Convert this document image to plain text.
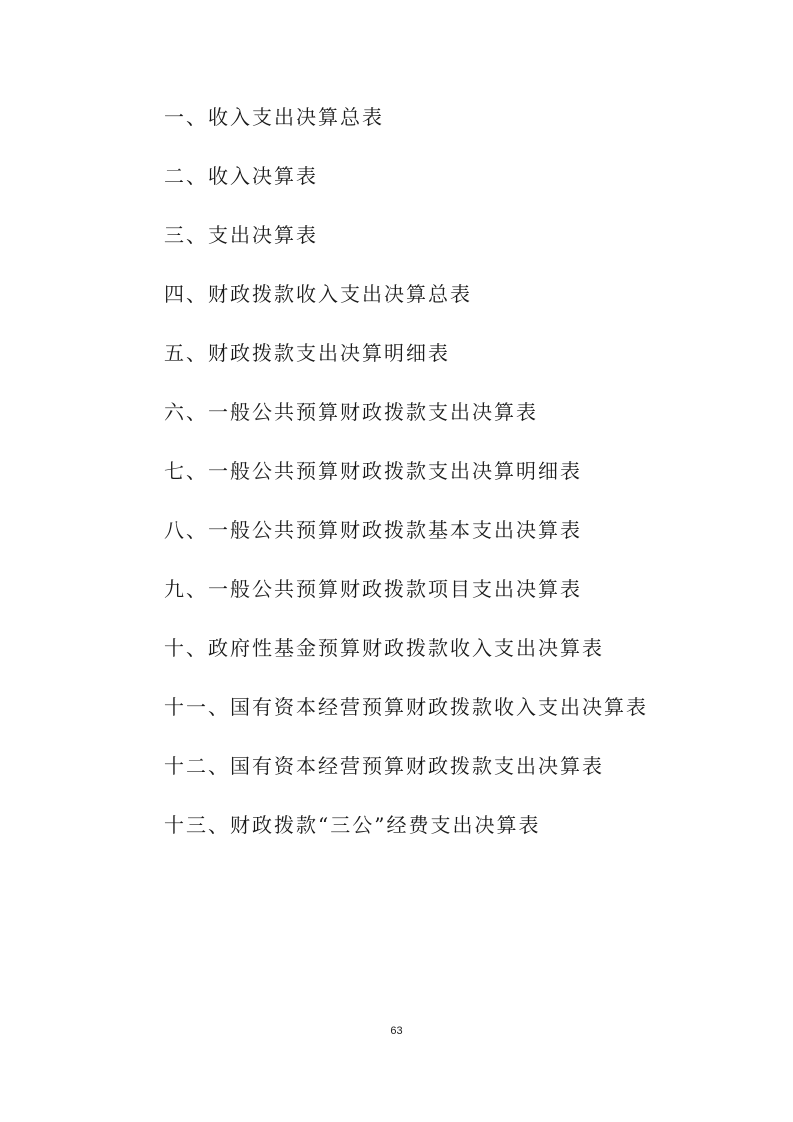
一、收入支出决算总表
二、收入决算表
三、支出决算表
四、财政拨款收入支出决算总表
五、财政拨款支出决算明细表
六、一般公共预算财政拨款支出决算表
七、一般公共预算财政拨款支出决算明细表
八、一般公共预算财政拨款基本支出决算表
九、一般公共预算财政拨款项目支出决算表
十、政府性基金预算财政拨款收入支出决算表
十一、国有资本经营预算财政拨款收入支出决算表
十二、国有资本经营预算财政拨款支出决算表
十三、财政拨款“三公”经费支出决算表
63
